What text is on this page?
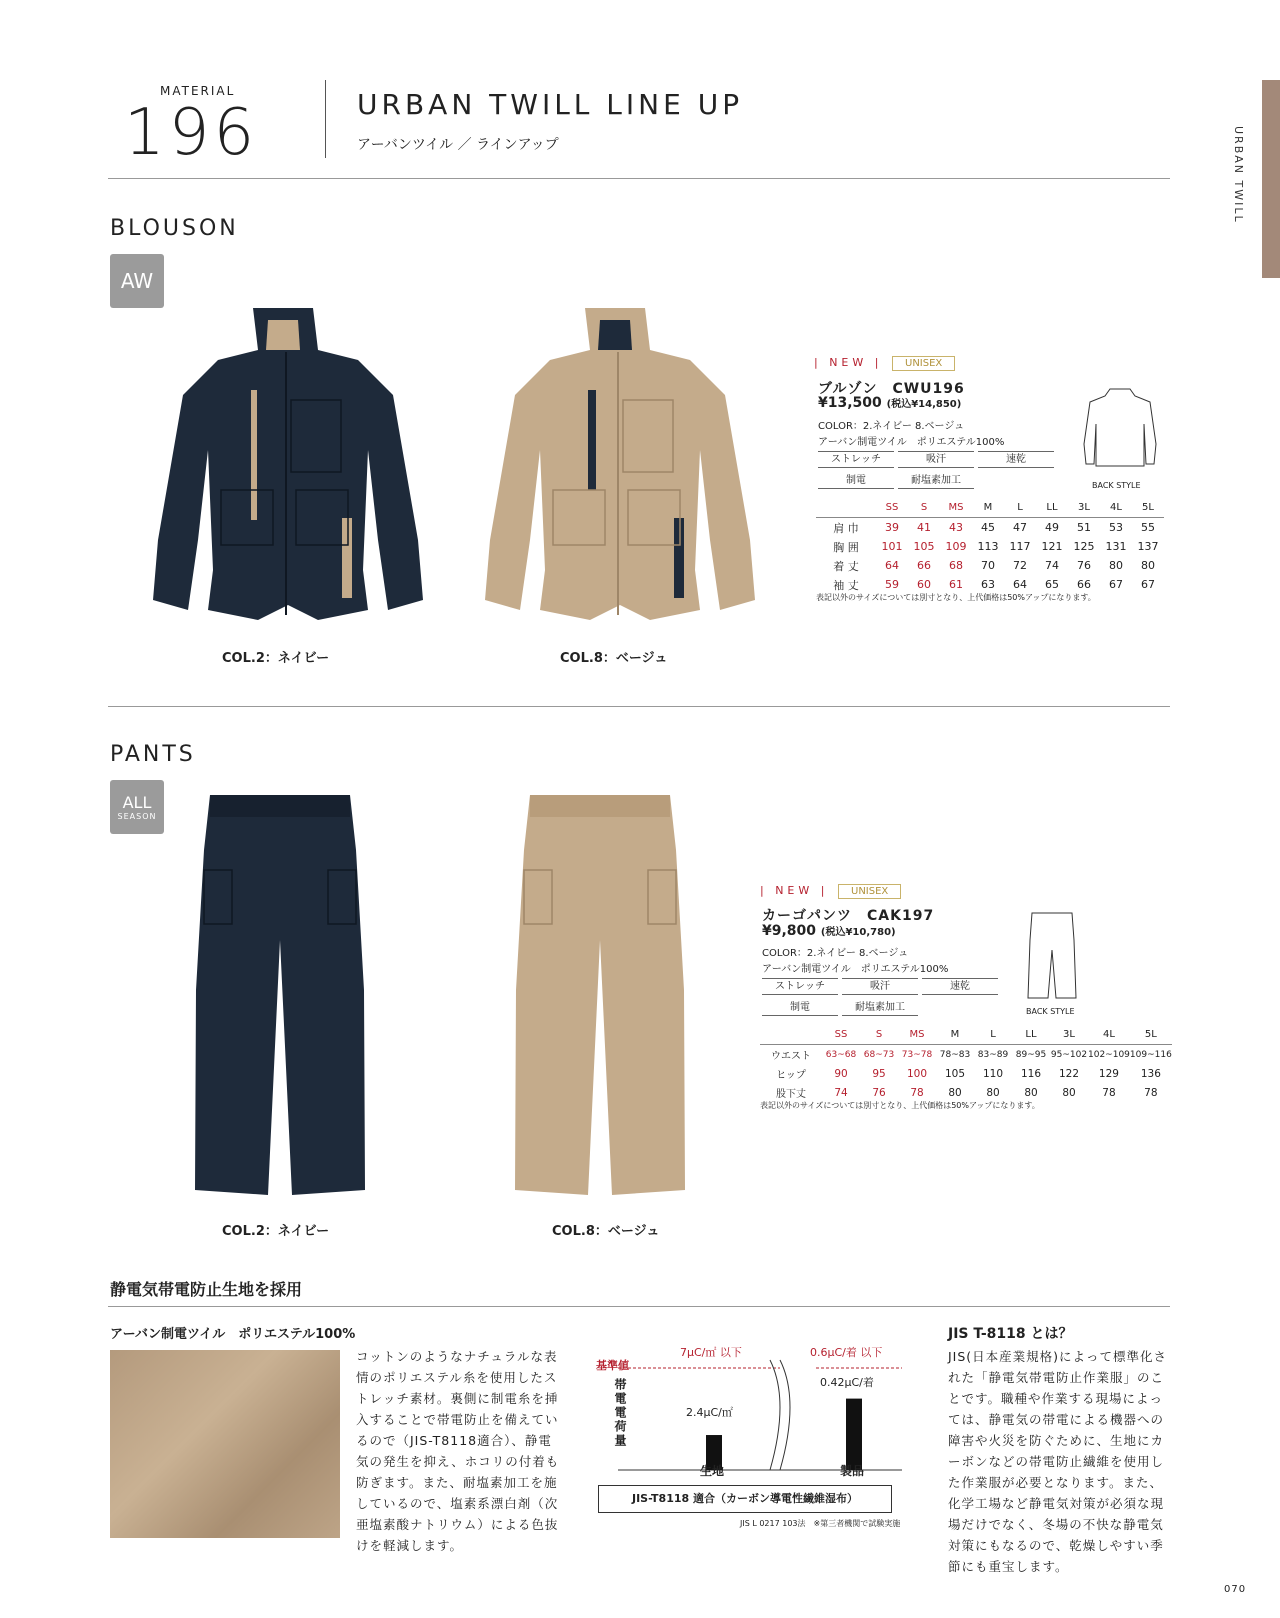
MATERIAL
196	URBAN TWILL LINE UP
アーバンツイル ／ ラインアップ	URBAN TWILL
BLOUSON
AW
COL.2：ネイビー	COL.8：ベージュ
| NEW |	UNISEX
ブルゾン　CWU196
¥13,500 (税込¥14,850)
COLOR：2.ネイビー 8.ベージュ
アーバン制電ツイル　ポリエステル100%
ストレッチ	吸汗	速乾
制電	耐塩素加工	BACK STYLE
	SS	S	MS	M	L	LL	3L	4L	5L
肩 巾	39	41	43	45	47	49	51	53	55
胸 囲	101	105	109	113	117	121	125	131	137
着 丈	64	66	68	70	72	74	76	80	80
袖 丈	59	60	61	63	64	65	66	67	67
表記以外のサイズについては別寸となり、上代価格は50%アップになります。
PANTS
ALL
SEASON
COL.2：ネイビー	COL.8：ベージュ
| NEW |	UNISEX
カーゴパンツ　CAK197
¥9,800 (税込¥10,780)
COLOR：2.ネイビー 8.ベージュ
アーバン制電ツイル　ポリエステル100%
ストレッチ	吸汗	速乾
制電	耐塩素加工	BACK STYLE
	SS	S	MS	M	L	LL	3L	4L	5L
ウエスト	63~68	68~73	73~78	78~83	83~89	89~95	95~102	102~109	109~116
ヒップ	90	95	100	105	110	116	122	129	136
股下丈	74	76	78	80	80	80	80	78	78
表記以外のサイズについては別寸となり、上代価格は50%アップになります。
静電気帯電防止生地を採用
アーバン制電ツイル　ポリエステル100%
コットンのようなナチュラルな表情のポリエステル糸を使用したストレッチ素材。裏側に制電糸を挿入することで帯電防止を備えているので（JIS-T8118適合）、静電気の発生を抑え、ホコリの付着も防ぎます。また、耐塩素加工を施しているので、塩素系漂白剤（次亜塩素酸ナトリウム）による色抜けを軽減します。
基準値
帯電電荷量
7μC/㎡ 以下	0.6μC/着 以下
2.4μC/㎡
0.42μC/着
生地	製品
JIS-T8118 適合（カーボン導電性繊維湿布）
JIS L 0217 103法　※第三者機関で試験実施
JIS T-8118 とは？
JIS(日本産業規格)によって標準化された「静電気帯電防止作業服」のことです。職種や作業する現場によっては、静電気の帯電による機器への障害や火災を防ぐために、生地にカーボンなどの帯電防止繊維を使用した作業服が必要となります。また、化学工場など静電気対策が必須な現場だけでなく、冬場の不快な静電気対策にもなるので、乾燥しやすい季節にも重宝します。
070
